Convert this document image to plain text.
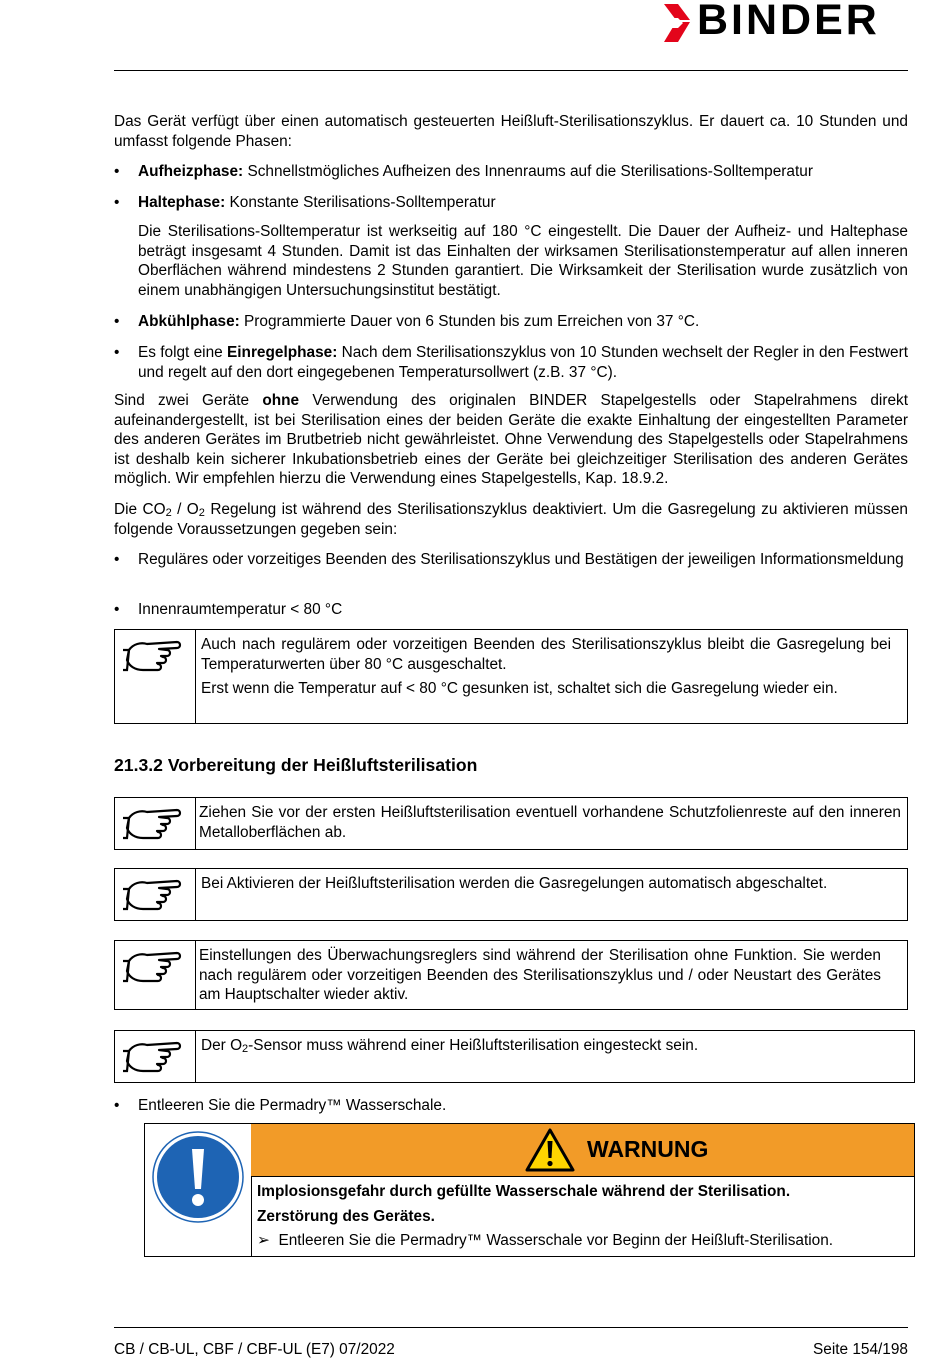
BINDER
Das Gerät verfügt über einen automatisch gesteuerten Heißluft-Sterilisationszyklus. Er dauert ca. 10 Stunden und umfasst folgende Phasen:
•	Aufheizphase: Schnellstmögliches Aufheizen des Innenraums auf die Sterilisations-Solltemperatur
•	Haltephase: Konstante Sterilisations-Solltemperatur
Die Sterilisations-Solltemperatur ist werkseitig auf 180 °C eingestellt. Die Dauer der Aufheiz- und Haltephase beträgt insgesamt 4 Stunden. Damit ist das Einhalten der wirksamen Sterilisationstemperatur auf allen inneren Oberflächen während mindestens 2 Stunden garantiert. Die Wirksamkeit der Sterilisation wurde zusätzlich von einem unabhängigen Untersuchungsinstitut bestätigt.
•	Abkühlphase: Programmierte Dauer von 6 Stunden bis zum Erreichen von 37 °C.
•	Es folgt eine Einregelphase: Nach dem Sterilisationszyklus von 10 Stunden wechselt der Regler in den Festwert und regelt auf den dort eingegebenen Temperatursollwert (z.B. 37 °C).
Sind zwei Geräte ohne Verwendung des originalen BINDER Stapelgestells oder Stapelrahmens direkt aufeinandergestellt, ist bei Sterilisation eines der beiden Geräte die exakte Einhaltung der eingestellten Parameter des anderen Gerätes im Brutbetrieb nicht gewährleistet. Ohne Verwendung des Stapelgestells oder Stapelrahmens ist deshalb kein sicherer Inkubationsbetrieb eines der Geräte bei gleichzeitiger Sterilisation des anderen Gerätes möglich. Wir empfehlen hierzu die Verwendung eines Stapelgestells, Kap. 18.9.2.
Die $CO_2 / O_2$ Regelung ist während des Sterilisationszyklus deaktiviert. Um die Gasregelung zu aktivieren müssen folgende Voraussetzungen gegeben sein:
•	Reguläres oder vorzeitiges Beenden des Sterilisationszyklus und Bestätigen der jeweiligen Informationsmeldung
•	Innenraumtemperatur < 80 °C
Auch nach regulärem oder vorzeitigen Beenden des Sterilisationszyklus bleibt die Gasregelung bei Temperaturwerten über 80 °C ausgeschaltet.
Erst wenn die Temperatur auf < 80 °C gesunken ist, schaltet sich die Gasregelung wieder ein.
21.3.2 Vorbereitung der Heißluftsterilisation
Ziehen Sie vor der ersten Heißluftsterilisation eventuell vorhandene Schutzfolienreste auf den inneren Metalloberflächen ab.
Bei Aktivieren der Heißluftsterilisation werden die Gasregelungen automatisch abgeschaltet.
Einstellungen des Überwachungsreglers sind während der Sterilisation ohne Funktion. Sie werden nach regulärem oder vorzeitigen Beenden des Sterilisationszyklus und / oder Neustart des Gerätes am Hauptschalter wieder aktiv.
Der $O_2$-Sensor muss während einer Heißluftsterilisation eingesteckt sein.
•	Entleeren Sie die Permadry™ Wasserschale.
WARNUNG
Implosionsgefahr durch gefüllte Wasserschale während der Sterilisation.
Zerstörung des Gerätes.
➢ Entleeren Sie die Permadry™ Wasserschale vor Beginn der Heißluft-Sterilisation.
CB / CB-UL, CBF / CBF-UL (E7) 07/2022	Seite 154/198
